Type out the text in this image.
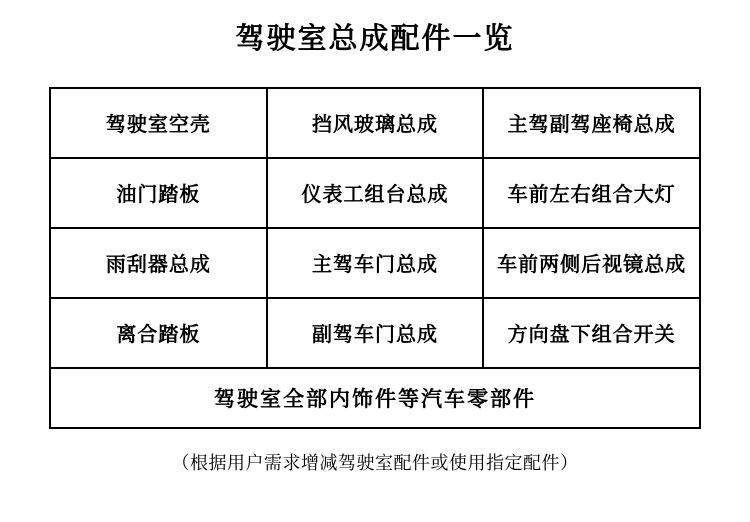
驾驶室总成配件一览
驾驶室空壳	挡风玻璃总成	主驾副驾座椅总成
油门踏板	仪表工组台总成	车前左右组合大灯
雨刮器总成	主驾车门总成	车前两侧后视镜总成
离合踏板	副驾车门总成	方向盘下组合开关
驾驶室全部内饰件等汽车零部件		
（根据用户需求增减驾驶室配件或使用指定配件）
